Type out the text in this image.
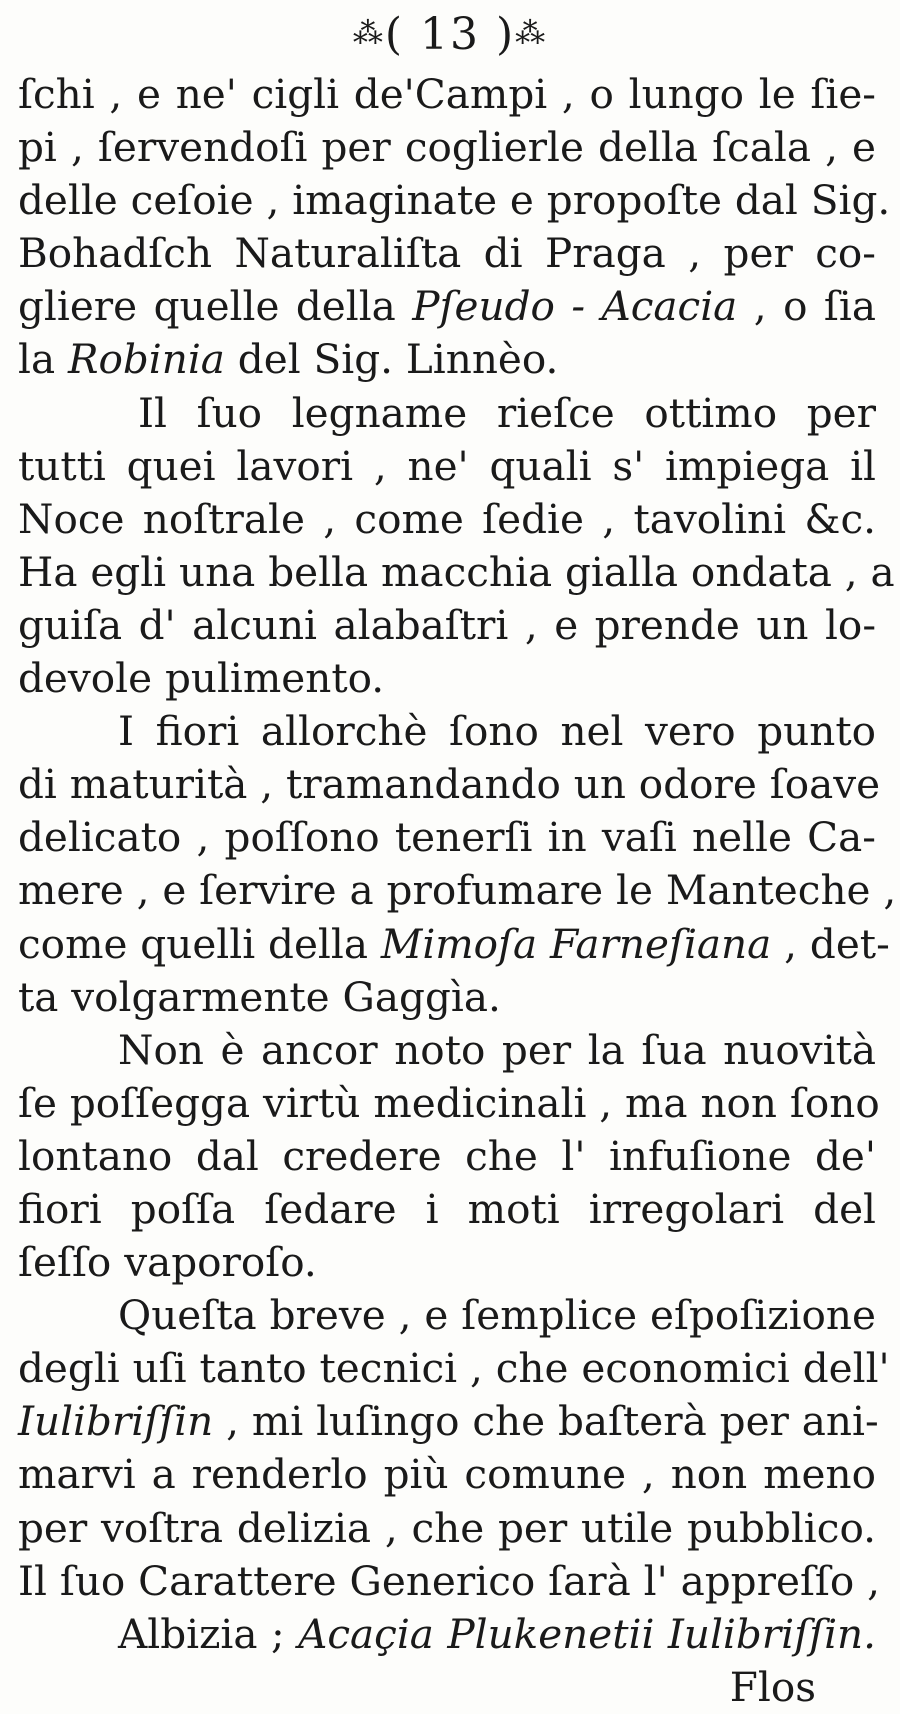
⁂( 13 )⁂
ſchi , e ne' cigli de'Campi , o lungo le ſie-
pi , ſervendoſi per coglierle della ſcala , e
delle ceſoie , imaginate e propoſte dal Sig.
Bohadſch Naturaliſta di Praga , per co-
gliere quelle della Pſeudo - Acacia , o ſia
la Robinia del Sig. Linnèo.
Il ſuo legname rieſce ottimo per
tutti quei lavori , ne' quali s' impiega il
Noce noſtrale , come ſedie , tavolini &c.
Ha egli una bella macchia gialla ondata , a
guiſa d' alcuni alabaſtri , e prende un lo-
devole pulimento.
I fiori allorchè ſono nel vero punto
di maturità , tramandando un odore ſoave
delicato , poſſono tenerſi in vaſi nelle Ca-
mere , e ſervire a profumare le Manteche ,
come quelli della Mimoſa Farneſiana , det-
ta volgarmente Gaggìa.
Non è ancor noto per la ſua nuovità
ſe poſſegga virtù medicinali , ma non ſono
lontano dal credere che l' infuſione de'
fiori poſſa ſedare i moti irregolari del
ſeſſo vaporoſo.
Queſta breve , e ſemplice eſpoſizione
degli uſi tanto tecnici , che economici dell'
Iulibriſſin , mi luſingo che baſterà per ani-
marvi a renderlo più comune , non meno
per voſtra delizia , che per utile pubblico.
Il ſuo Carattere Generico ſarà l' appreſſo ,
Albizia ; Acaçia Plukenetii Iulibriſſin.
Flos
